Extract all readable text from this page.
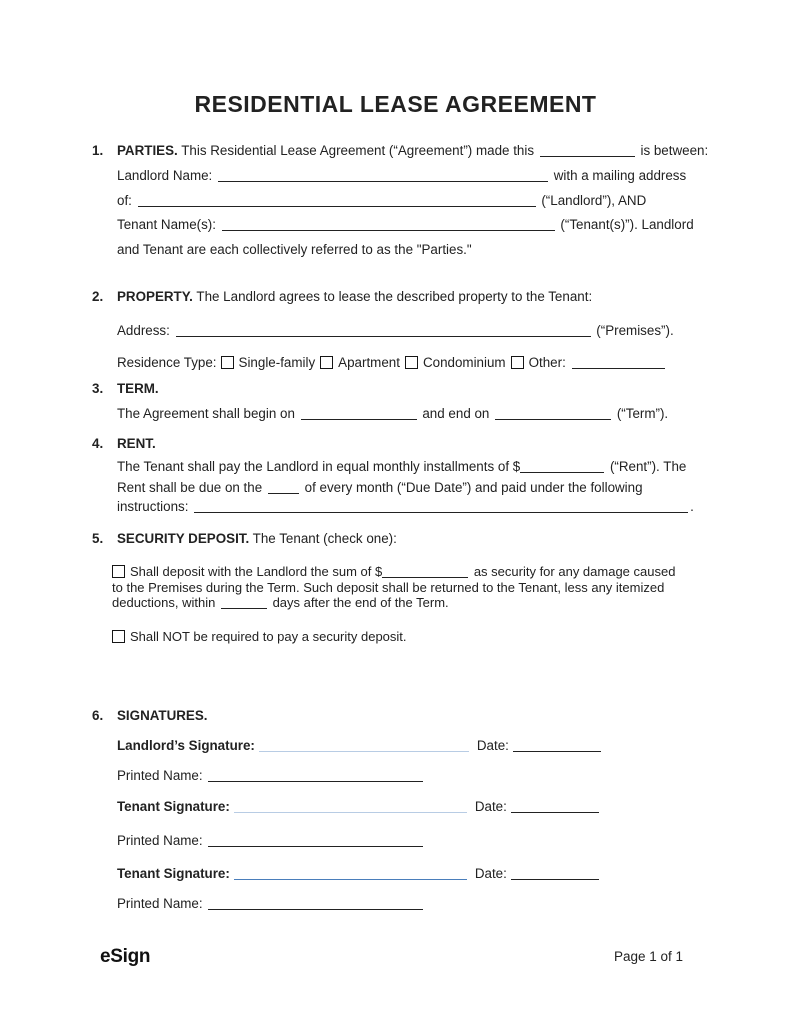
RESIDENTIAL LEASE AGREEMENT
1. PARTIES. This Residential Lease Agreement (“Agreement”) made this	is between:
Landlord Name:	with a mailing address
of:	(“Landlord”), AND
Tenant Name(s):	(“Tenant(s)”). Landlord
and Tenant are each collectively referred to as the "Parties."
2. PROPERTY. The Landlord agrees to lease the described property to the Tenant:
Address:	(“Premises”).
Residence Type: Single-family Apartment Condominium Other:
3. TERM.
The Agreement shall begin on	and end on	(“Term”).
4. RENT.
The Tenant shall pay the Landlord in equal monthly installments of $	(“Rent”). The
Rent shall be due on the	of every month (“Due Date”) and paid under the following
instructions:	.
5. SECURITY DEPOSIT. The Tenant (check one):
Shall deposit with the Landlord the sum of $	as security for any damage caused
to the Premises during the Term. Such deposit shall be returned to the Tenant, less any itemized
deductions, within	days after the end of the Term.
Shall NOT be required to pay a security deposit.
6. SIGNATURES.
Landlord’s Signature:	Date:
Printed Name:
Tenant Signature:	Date:
Printed Name:
Tenant Signature:	Date:
Printed Name:
eSign	Page 1 of 1
